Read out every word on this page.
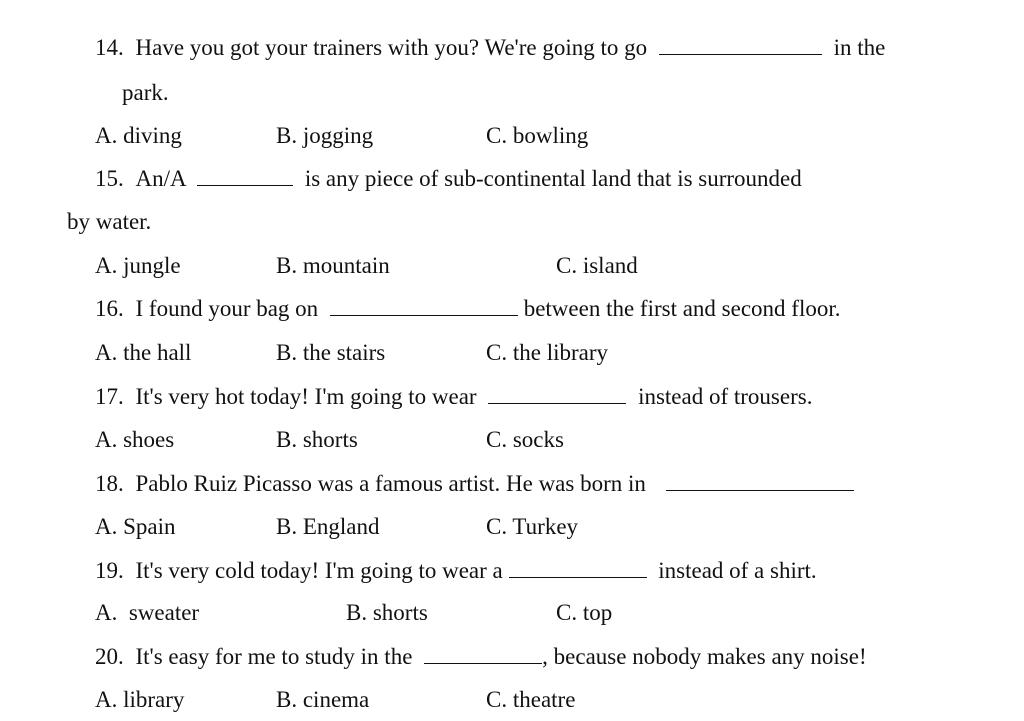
14. Have you got your trainers with you? We're going to go	in the
park.
A. diving	B. jogging	C. bowling
15. An/A	is any piece of sub-continental land that is surrounded
by water.
A. jungle	B. mountain	C. island
16. I found your bag on	between the first and second floor.
A. the hall	B. the stairs	C. the library
17. It's very hot today! I'm going to wear	instead of trousers.
A. shoes	B. shorts	C. socks
18. Pablo Ruiz Picasso was a famous artist. He was born in
A. Spain	B. England	C. Turkey
19. It's very cold today! I'm going to wear a	instead of a shirt.
A.  sweater	B. shorts	C. top
20. It's easy for me to study in the	, because nobody makes any noise!
A. library	B. cinema	C. theatre
